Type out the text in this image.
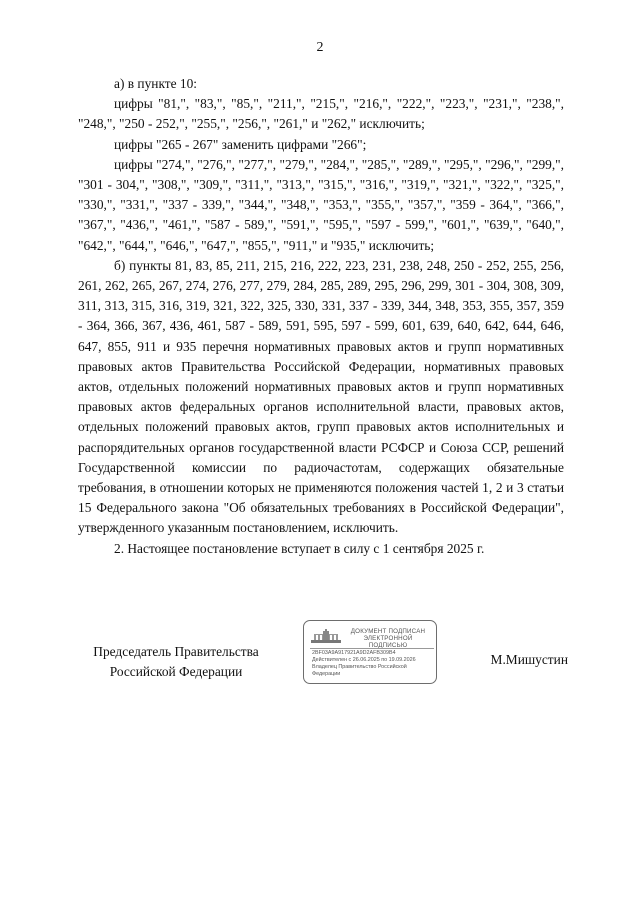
2

а) в пункте 10:

цифры "81,", "83,", "85,", "211,", "215,", "216,", "222,", "223,", "231,", "238,", "248,", "250 - 252,", "255,", "256,", "261," и "262," исключить;

цифры "265 - 267" заменить цифрами "266";

цифры "274,", "276,", "277,", "279,", "284,", "285,", "289,", "295,", "296,", "299,", "301 - 304,", "308,", "309,", "311,", "313,", "315,", "316,", "319,", "321,", "322,", "325,", "330,", "331,", "337 - 339,", "344,", "348,", "353,", "355,", "357,", "359 - 364,", "366,", "367,", "436,", "461,", "587 - 589,", "591,", "595,", "597 - 599,", "601,", "639,", "640,", "642,", "644,", "646,", "647,", "855,", "911," и "935," исключить;

б) пункты 81, 83, 85, 211, 215, 216, 222, 223, 231, 238, 248, 250 - 252, 255, 256, 261, 262, 265, 267, 274, 276, 277, 279, 284, 285, 289, 295, 296, 299, 301 - 304, 308, 309, 311, 313, 315, 316, 319, 321, 322, 325, 330, 331, 337 - 339, 344, 348, 353, 355, 357, 359 - 364, 366, 367, 436, 461, 587 - 589, 591, 595, 597 - 599, 601, 639, 640, 642, 644, 646, 647, 855, 911 и 935 перечня нормативных правовых актов и групп нормативных правовых актов Правительства Российской Федерации, нормативных правовых актов, отдельных положений нормативных правовых актов и групп нормативных правовых актов федеральных органов исполнительной власти, правовых актов, отдельных положений правовых актов, групп правовых актов исполнительных и распорядительных органов государственной власти РСФСР и Союза ССР, решений Государственной комиссии по радиочастотам, содержащих обязательные требования, в отношении которых не применяются положения частей 1, 2 и 3 статьи 15 Федерального закона "Об обязательных требованиях в Российской Федерации", утвержденного указанным постановлением, исключить.

2. Настоящее постановление вступает в силу с 1 сентября 2025 г.

Председатель Правительства
Российской Федерации
ДОКУМЕНТ ПОДПИСАН
ЭЛЕКТРОННОЙ ПОДПИСЬЮ
2BF03A9A917921A9D2AFB309B4
Действителен с 26.06.2025 по 19.09.2026
Владелец Правительство Российской
Федерации
М.Мишустин
